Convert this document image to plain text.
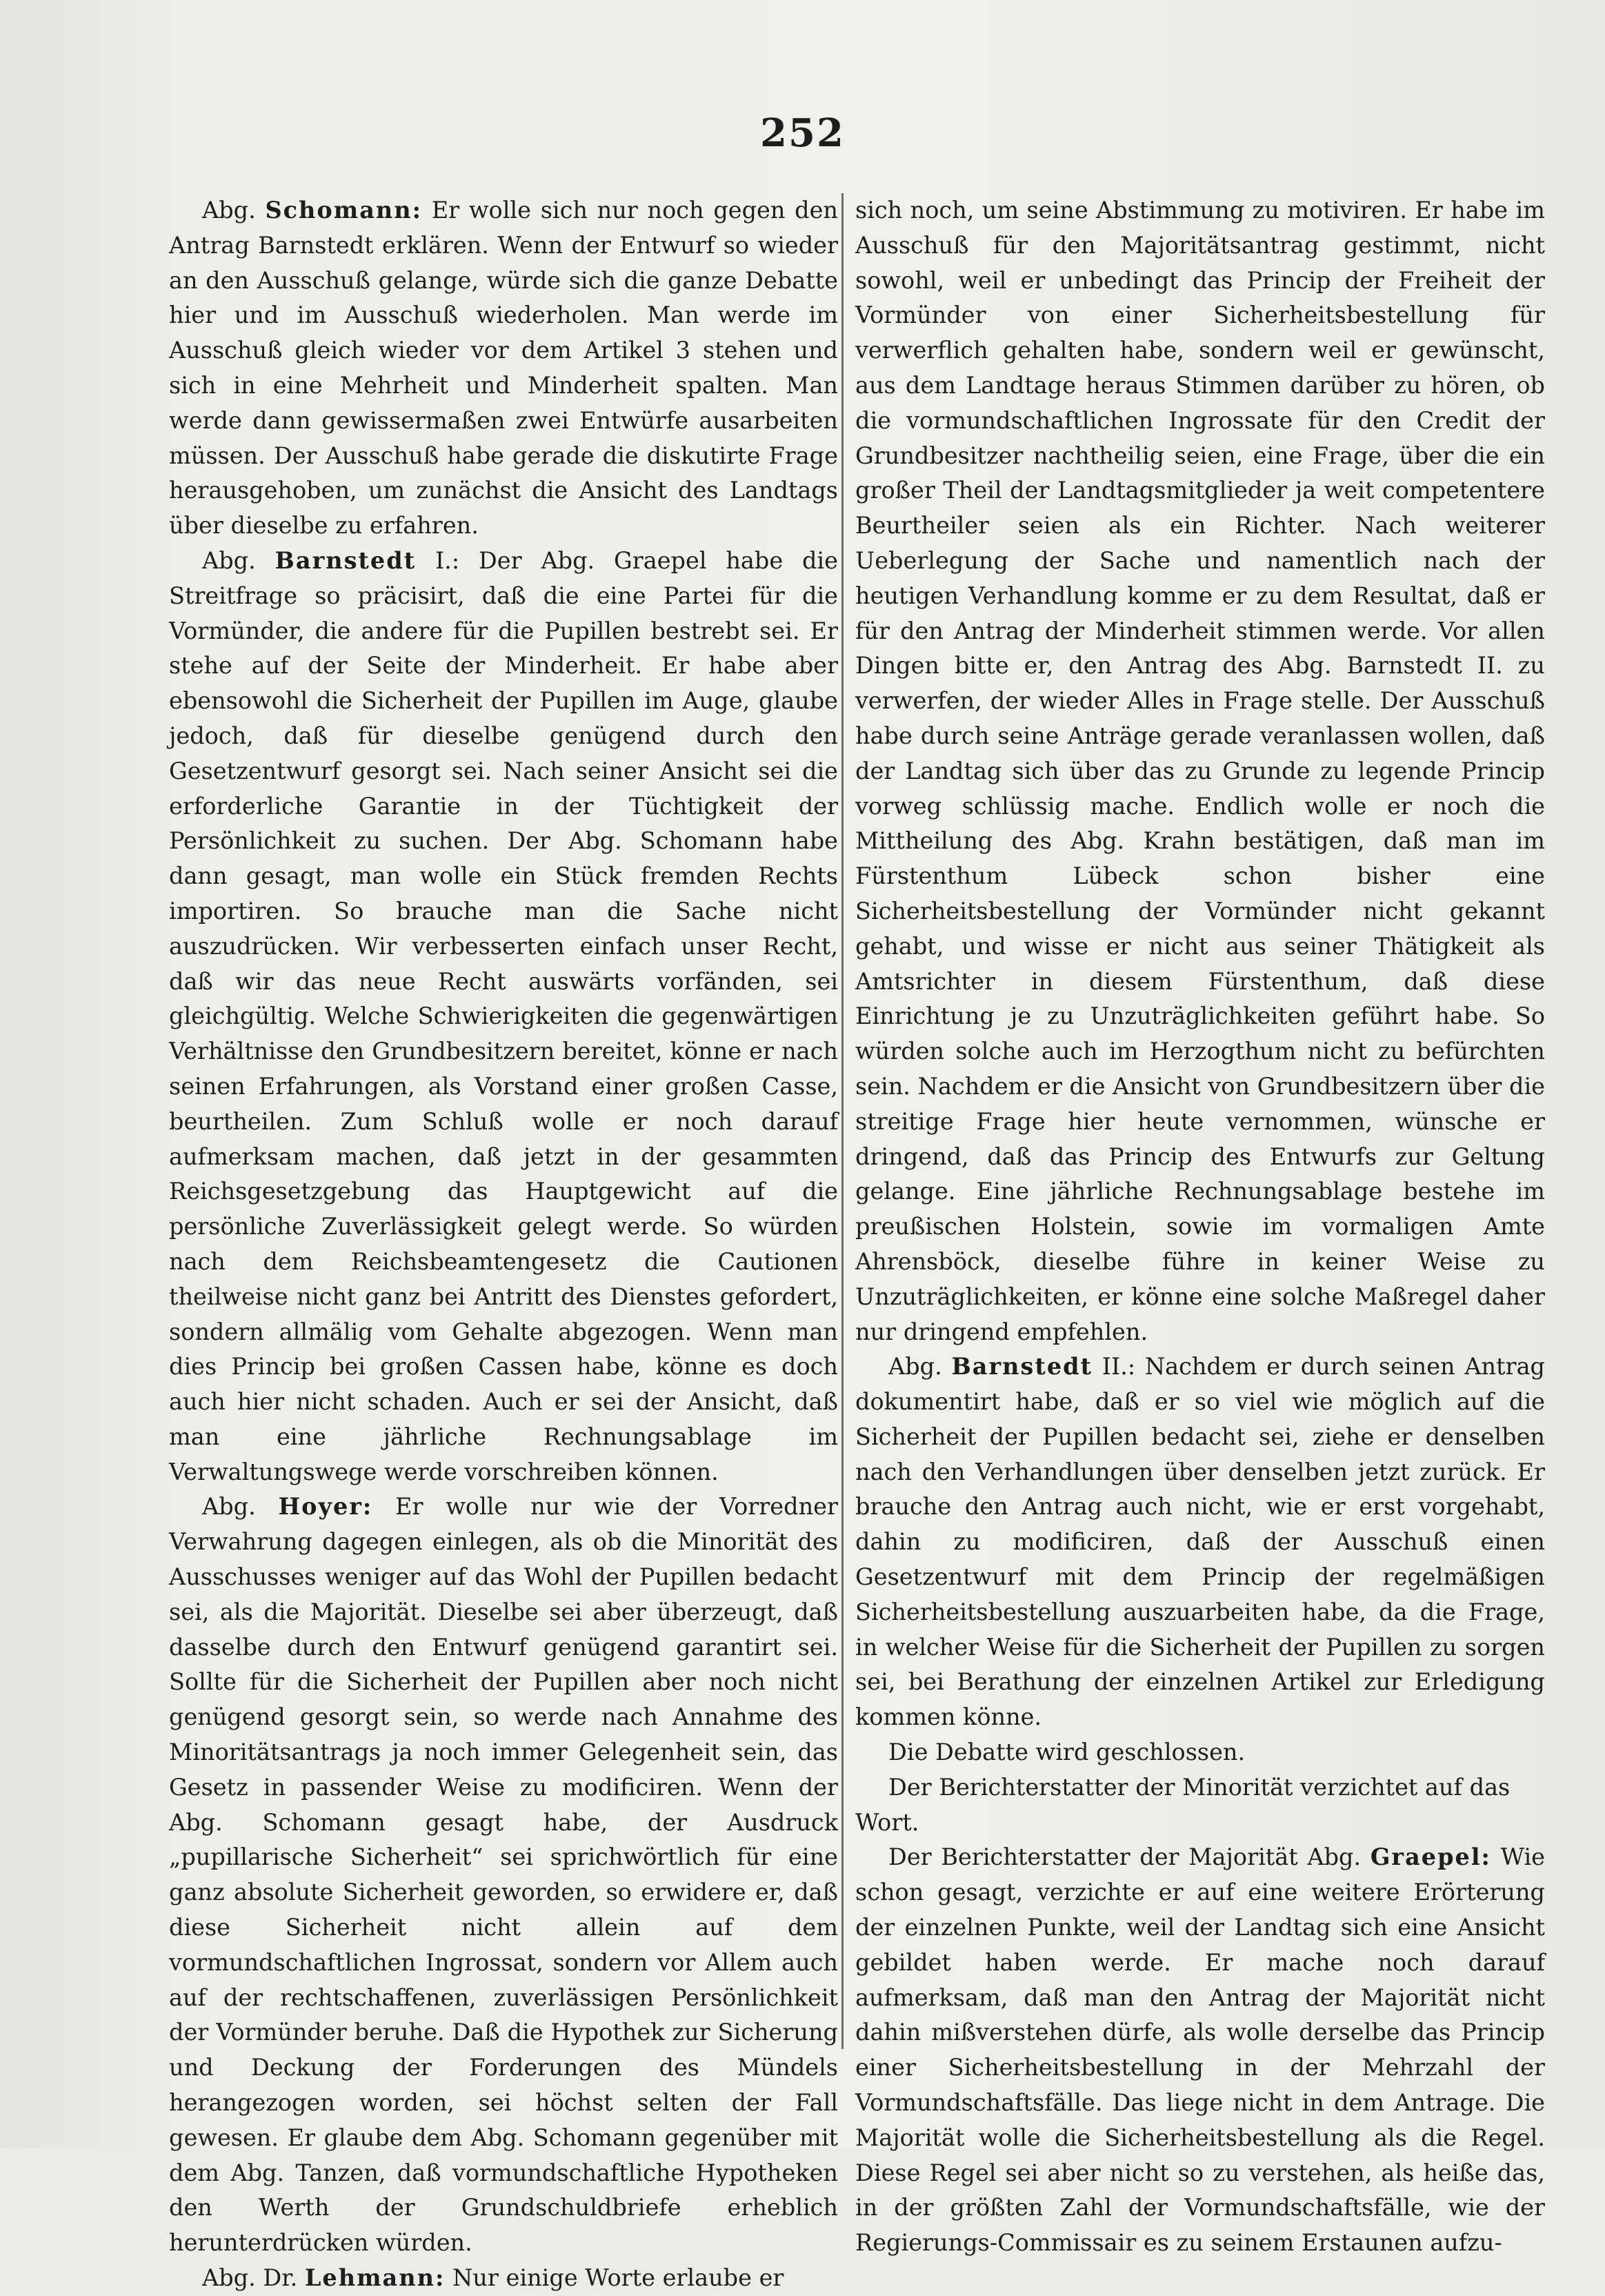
252

Abg. Schomann: Er wolle sich nur noch gegen den Antrag Barnstedt erklären. Wenn der Entwurf so wieder an den Ausschuß gelange, würde sich die ganze Debatte hier und im Ausschuß wiederholen. Man werde im Ausschuß gleich wieder vor dem Artikel 3 stehen und sich in eine Mehrheit und Minderheit spalten. Man werde dann gewissermaßen zwei Entwürfe ausarbeiten müssen. Der Ausschuß habe gerade die diskutirte Frage herausgehoben, um zunächst die Ansicht des Landtags über dieselbe zu erfahren.

Abg. Barnstedt I.: Der Abg. Graepel habe die Streitfrage so präcisirt, daß die eine Partei für die Vormünder, die andere für die Pupillen bestrebt sei. Er stehe auf der Seite der Minderheit. Er habe aber ebensowohl die Sicherheit der Pupillen im Auge, glaube jedoch, daß für dieselbe genügend durch den Gesetzentwurf gesorgt sei. Nach seiner Ansicht sei die erforderliche Garantie in der Tüchtigkeit der Persönlichkeit zu suchen. Der Abg. Schomann habe dann gesagt, man wolle ein Stück fremden Rechts importiren. So brauche man die Sache nicht auszudrücken. Wir verbesserten einfach unser Recht, daß wir das neue Recht auswärts vorfänden, sei gleichgültig. Welche Schwierigkeiten die gegenwärtigen Verhältnisse den Grundbesitzern bereitet, könne er nach seinen Erfahrungen, als Vorstand einer großen Casse, beurtheilen. Zum Schluß wolle er noch darauf aufmerksam machen, daß jetzt in der gesammten Reichsgesetzgebung das Hauptgewicht auf die persönliche Zuverlässigkeit gelegt werde. So würden nach dem Reichsbeamtengesetz die Cautionen theilweise nicht ganz bei Antritt des Dienstes gefordert, sondern allmälig vom Gehalte abgezogen. Wenn man dies Princip bei großen Cassen habe, könne es doch auch hier nicht schaden. Auch er sei der Ansicht, daß man eine jährliche Rechnungsablage im Verwaltungswege werde vorschreiben können.

Abg. Hoyer: Er wolle nur wie der Vorredner Verwahrung dagegen einlegen, als ob die Minorität des Ausschusses weniger auf das Wohl der Pupillen bedacht sei, als die Majorität. Dieselbe sei aber überzeugt, daß dasselbe durch den Entwurf genügend garantirt sei. Sollte für die Sicherheit der Pupillen aber noch nicht genügend gesorgt sein, so werde nach Annahme des Minoritätsantrags ja noch immer Gelegenheit sein, das Gesetz in passender Weise zu modificiren. Wenn der Abg. Schomann gesagt habe, der Ausdruck „pupillarische Sicherheit“ sei sprichwörtlich für eine ganz absolute Sicherheit geworden, so erwidere er, daß diese Sicherheit nicht allein auf dem vormundschaftlichen Ingrossat, sondern vor Allem auch auf der rechtschaffenen, zuverlässigen Persönlichkeit der Vormünder beruhe. Daß die Hypothek zur Sicherung und Deckung der Forderungen des Mündels herangezogen worden, sei höchst selten der Fall gewesen. Er glaube dem Abg. Schomann gegenüber mit dem Abg. Tanzen, daß vormundschaftliche Hypotheken den Werth der Grundschuldbriefe erheblich herunterdrücken würden.

Abg. Dr. Lehmann: Nur einige Worte erlaube er

sich noch, um seine Abstimmung zu motiviren. Er habe im Ausschuß für den Majoritätsantrag gestimmt, nicht sowohl, weil er unbedingt das Princip der Freiheit der Vormünder von einer Sicherheitsbestellung für verwerflich gehalten habe, sondern weil er gewünscht, aus dem Landtage heraus Stimmen darüber zu hören, ob die vormundschaftlichen Ingrossate für den Credit der Grundbesitzer nachtheilig seien, eine Frage, über die ein großer Theil der Landtagsmitglieder ja weit competentere Beurtheiler seien als ein Richter. Nach weiterer Ueberlegung der Sache und namentlich nach der heutigen Verhandlung komme er zu dem Resultat, daß er für den Antrag der Minderheit stimmen werde. Vor allen Dingen bitte er, den Antrag des Abg. Barnstedt II. zu verwerfen, der wieder Alles in Frage stelle. Der Ausschuß habe durch seine Anträge gerade veranlassen wollen, daß der Landtag sich über das zu Grunde zu legende Princip vorweg schlüssig mache. Endlich wolle er noch die Mittheilung des Abg. Krahn bestätigen, daß man im Fürstenthum Lübeck schon bisher eine Sicherheitsbestellung der Vormünder nicht gekannt gehabt, und wisse er nicht aus seiner Thätigkeit als Amtsrichter in diesem Fürstenthum, daß diese Einrichtung je zu Unzuträglichkeiten geführt habe. So würden solche auch im Herzogthum nicht zu befürchten sein. Nachdem er die Ansicht von Grundbesitzern über die streitige Frage hier heute vernommen, wünsche er dringend, daß das Princip des Entwurfs zur Geltung gelange. Eine jährliche Rechnungsablage bestehe im preußischen Holstein, sowie im vormaligen Amte Ahrensböck, dieselbe führe in keiner Weise zu Unzuträglichkeiten, er könne eine solche Maßregel daher nur dringend empfehlen.

Abg. Barnstedt II.: Nachdem er durch seinen Antrag dokumentirt habe, daß er so viel wie möglich auf die Sicherheit der Pupillen bedacht sei, ziehe er denselben nach den Verhandlungen über denselben jetzt zurück. Er brauche den Antrag auch nicht, wie er erst vorgehabt, dahin zu modificiren, daß der Ausschuß einen Gesetzentwurf mit dem Princip der regelmäßigen Sicherheitsbestellung auszuarbeiten habe, da die Frage, in welcher Weise für die Sicherheit der Pupillen zu sorgen sei, bei Berathung der einzelnen Artikel zur Erledigung kommen könne.

Die Debatte wird geschlossen.

Der Berichterstatter der Minorität verzichtet auf das Wort.

Der Berichterstatter der Majorität Abg. Graepel: Wie schon gesagt, verzichte er auf eine weitere Erörterung der einzelnen Punkte, weil der Landtag sich eine Ansicht gebildet haben werde. Er mache noch darauf aufmerksam, daß man den Antrag der Majorität nicht dahin mißverstehen dürfe, als wolle derselbe das Princip einer Sicherheitsbestellung in der Mehrzahl der Vormundschaftsfälle. Das liege nicht in dem Antrage. Die Majorität wolle die Sicherheitsbestellung als die Regel. Diese Regel sei aber nicht so zu verstehen, als heiße das, in der größten Zahl der Vormundschaftsfälle, wie der Regierungs-Commissair es zu seinem Erstaunen aufzu-
